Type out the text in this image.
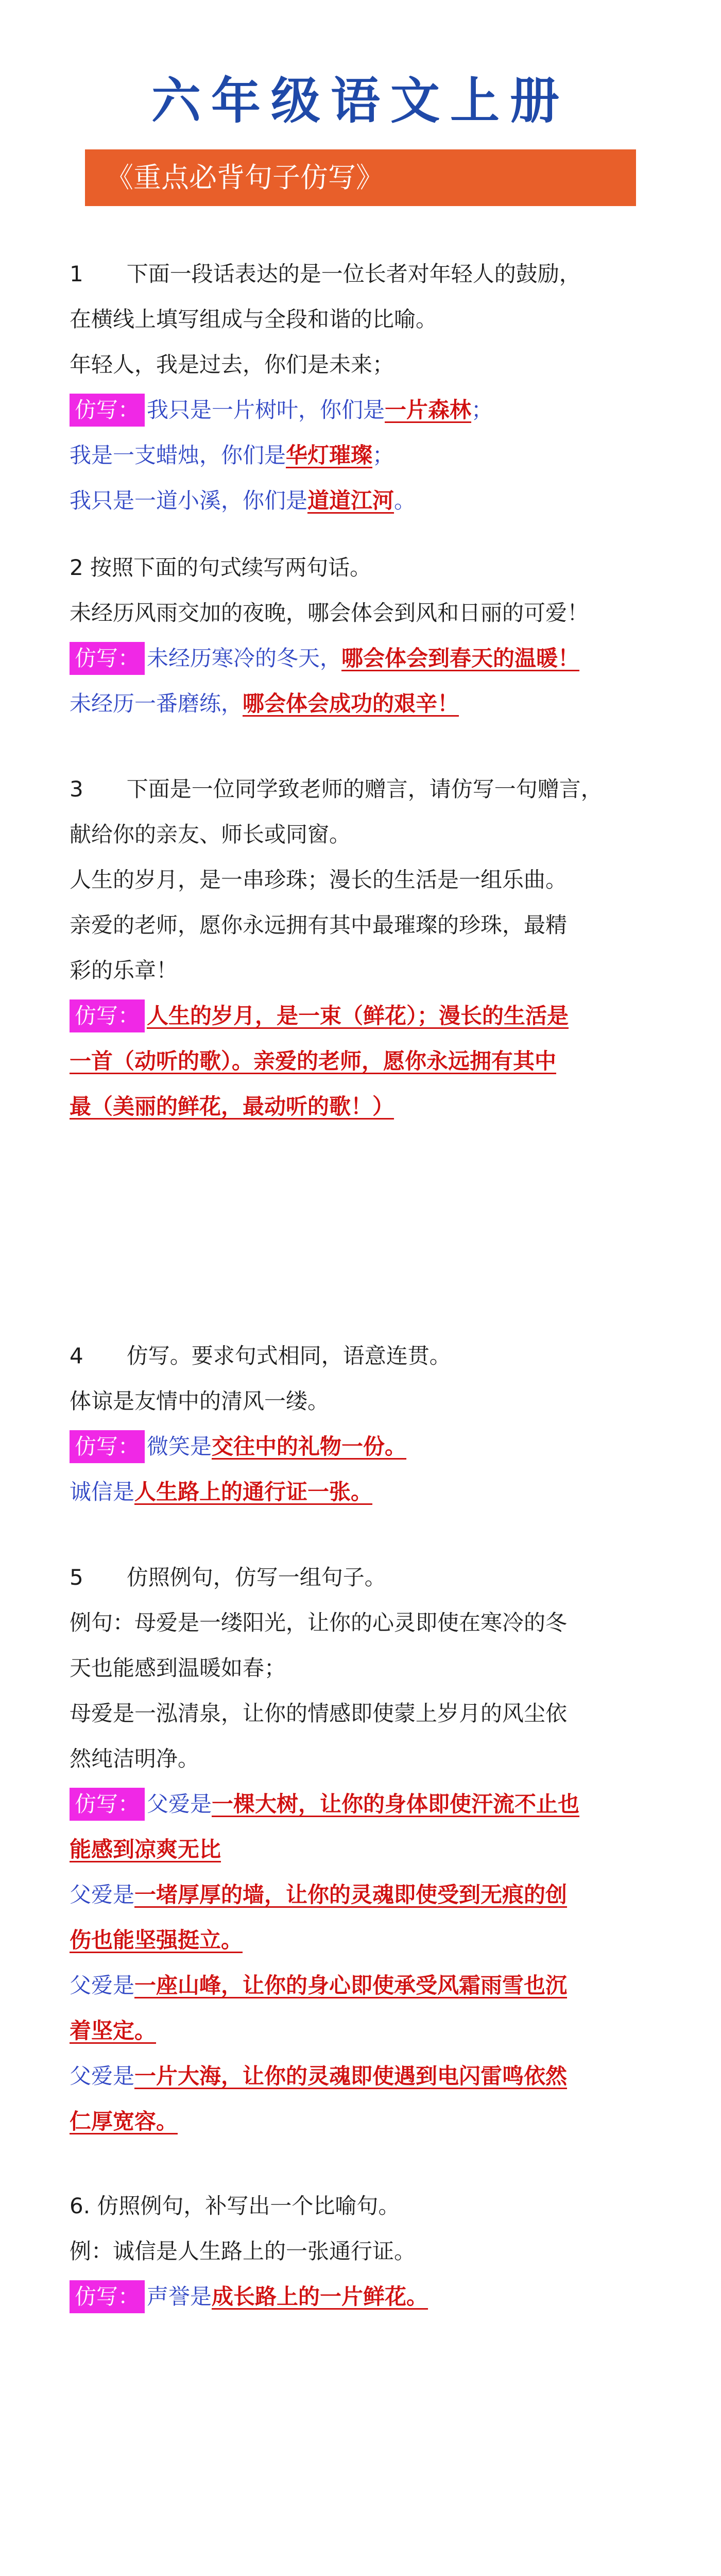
六年级语文上册
《重点必背句子仿写》
1　　下面一段话表达的是一位长者对年轻人的鼓励，
在横线上填写组成与全段和谐的比喻。
年轻人，我是过去，你们是未来；
仿写： 我只是一片树叶，你们是一片森林；
我是一支蜡烛，你们是华灯璀璨；
我只是一道小溪，你们是道道江河。
2 按照下面的句式续写两句话。
未经历风雨交加的夜晚，哪会体会到风和日丽的可爱！
仿写： 未经历寒冷的冬天，哪会体会到春天的温暖！
未经历一番磨练，哪会体会成功的艰辛！
3　　下面是一位同学致老师的赠言，请仿写一句赠言，
献给你的亲友、师长或同窗。
人生的岁月，是一串珍珠；漫长的生活是一组乐曲。
亲爱的老师，愿你永远拥有其中最璀璨的珍珠，最精
彩的乐章！
仿写： 人生的岁月，是一束（鲜花）；漫长的生活是
一首（动听的歌）。亲爱的老师，愿你永远拥有其中
最（美丽的鲜花，最动听的歌！）
4　　仿写。要求句式相同，语意连贯。
体谅是友情中的清风一缕。
仿写： 微笑是交往中的礼物一份。
诚信是人生路上的通行证一张。
5　　仿照例句，仿写一组句子。
例句：母爱是一缕阳光，让你的心灵即使在寒冷的冬
天也能感到温暖如春；
母爱是一泓清泉，让你的情感即使蒙上岁月的风尘依
然纯洁明净。
仿写： 父爱是一棵大树，让你的身体即使汗流不止也
能感到凉爽无比
父爱是一堵厚厚的墙，让你的灵魂即使受到无痕的创
伤也能坚强挺立。
父爱是一座山峰，让你的身心即使承受风霜雨雪也沉
着坚定。
父爱是一片大海，让你的灵魂即使遇到电闪雷鸣依然
仁厚宽容。
6. 仿照例句，补写出一个比喻句。
例：诚信是人生路上的一张通行证。
仿写： 声誉是成长路上的一片鲜花。
